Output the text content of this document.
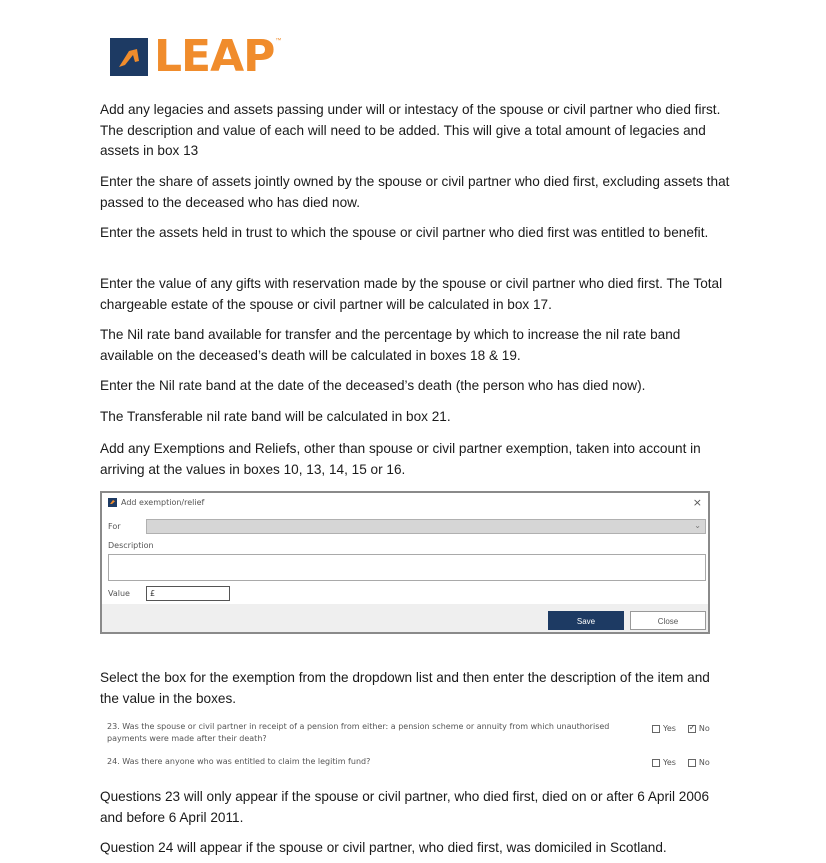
LEAP ™

Add any legacies and assets passing under will or intestacy of the spouse or civil partner who died first. The description and value of each will need to be added. This will give a total amount of legacies and assets in box 13

Enter the share of assets jointly owned by the spouse or civil partner who died first, excluding assets that passed to the deceased who has died now.

Enter the assets held in trust to which the spouse or civil partner who died first was entitled to benefit.

Enter the value of any gifts with reservation made by the spouse or civil partner who died first. The Total chargeable estate of the spouse or civil partner will be calculated in box 17.

The Nil rate band available for transfer and the percentage by which to increase the nil rate band available on the deceased’s death will be calculated in boxes 18 & 19.

Enter the Nil rate band at the date of the deceased’s death (the person who has died now).

The Transferable nil rate band will be calculated in box 21.

Add any Exemptions and Reliefs, other than spouse or civil partner exemption, taken into account in arriving at the values in boxes 10, 13, 14, 15 or 16.

Add exemption/relief	×
For	⌄
Description
Value	£
Save	Close

Select the box for the exemption from the dropdown list and then enter the description of the item and the value in the boxes.

23. Was the spouse or civil partner in receipt of a pension from either: a pension scheme or annuity from which unauthorised payments were made after their death?
Yes ✓	No
24. Was there anyone who was entitled to claim the legitim fund?	Yes	No

Questions 23 will only appear if the spouse or civil partner, who died first, died on or after 6 April 2006 and before 6 April 2011.

Question 24 will appear if the spouse or civil partner, who died first, was domiciled in Scotland.
